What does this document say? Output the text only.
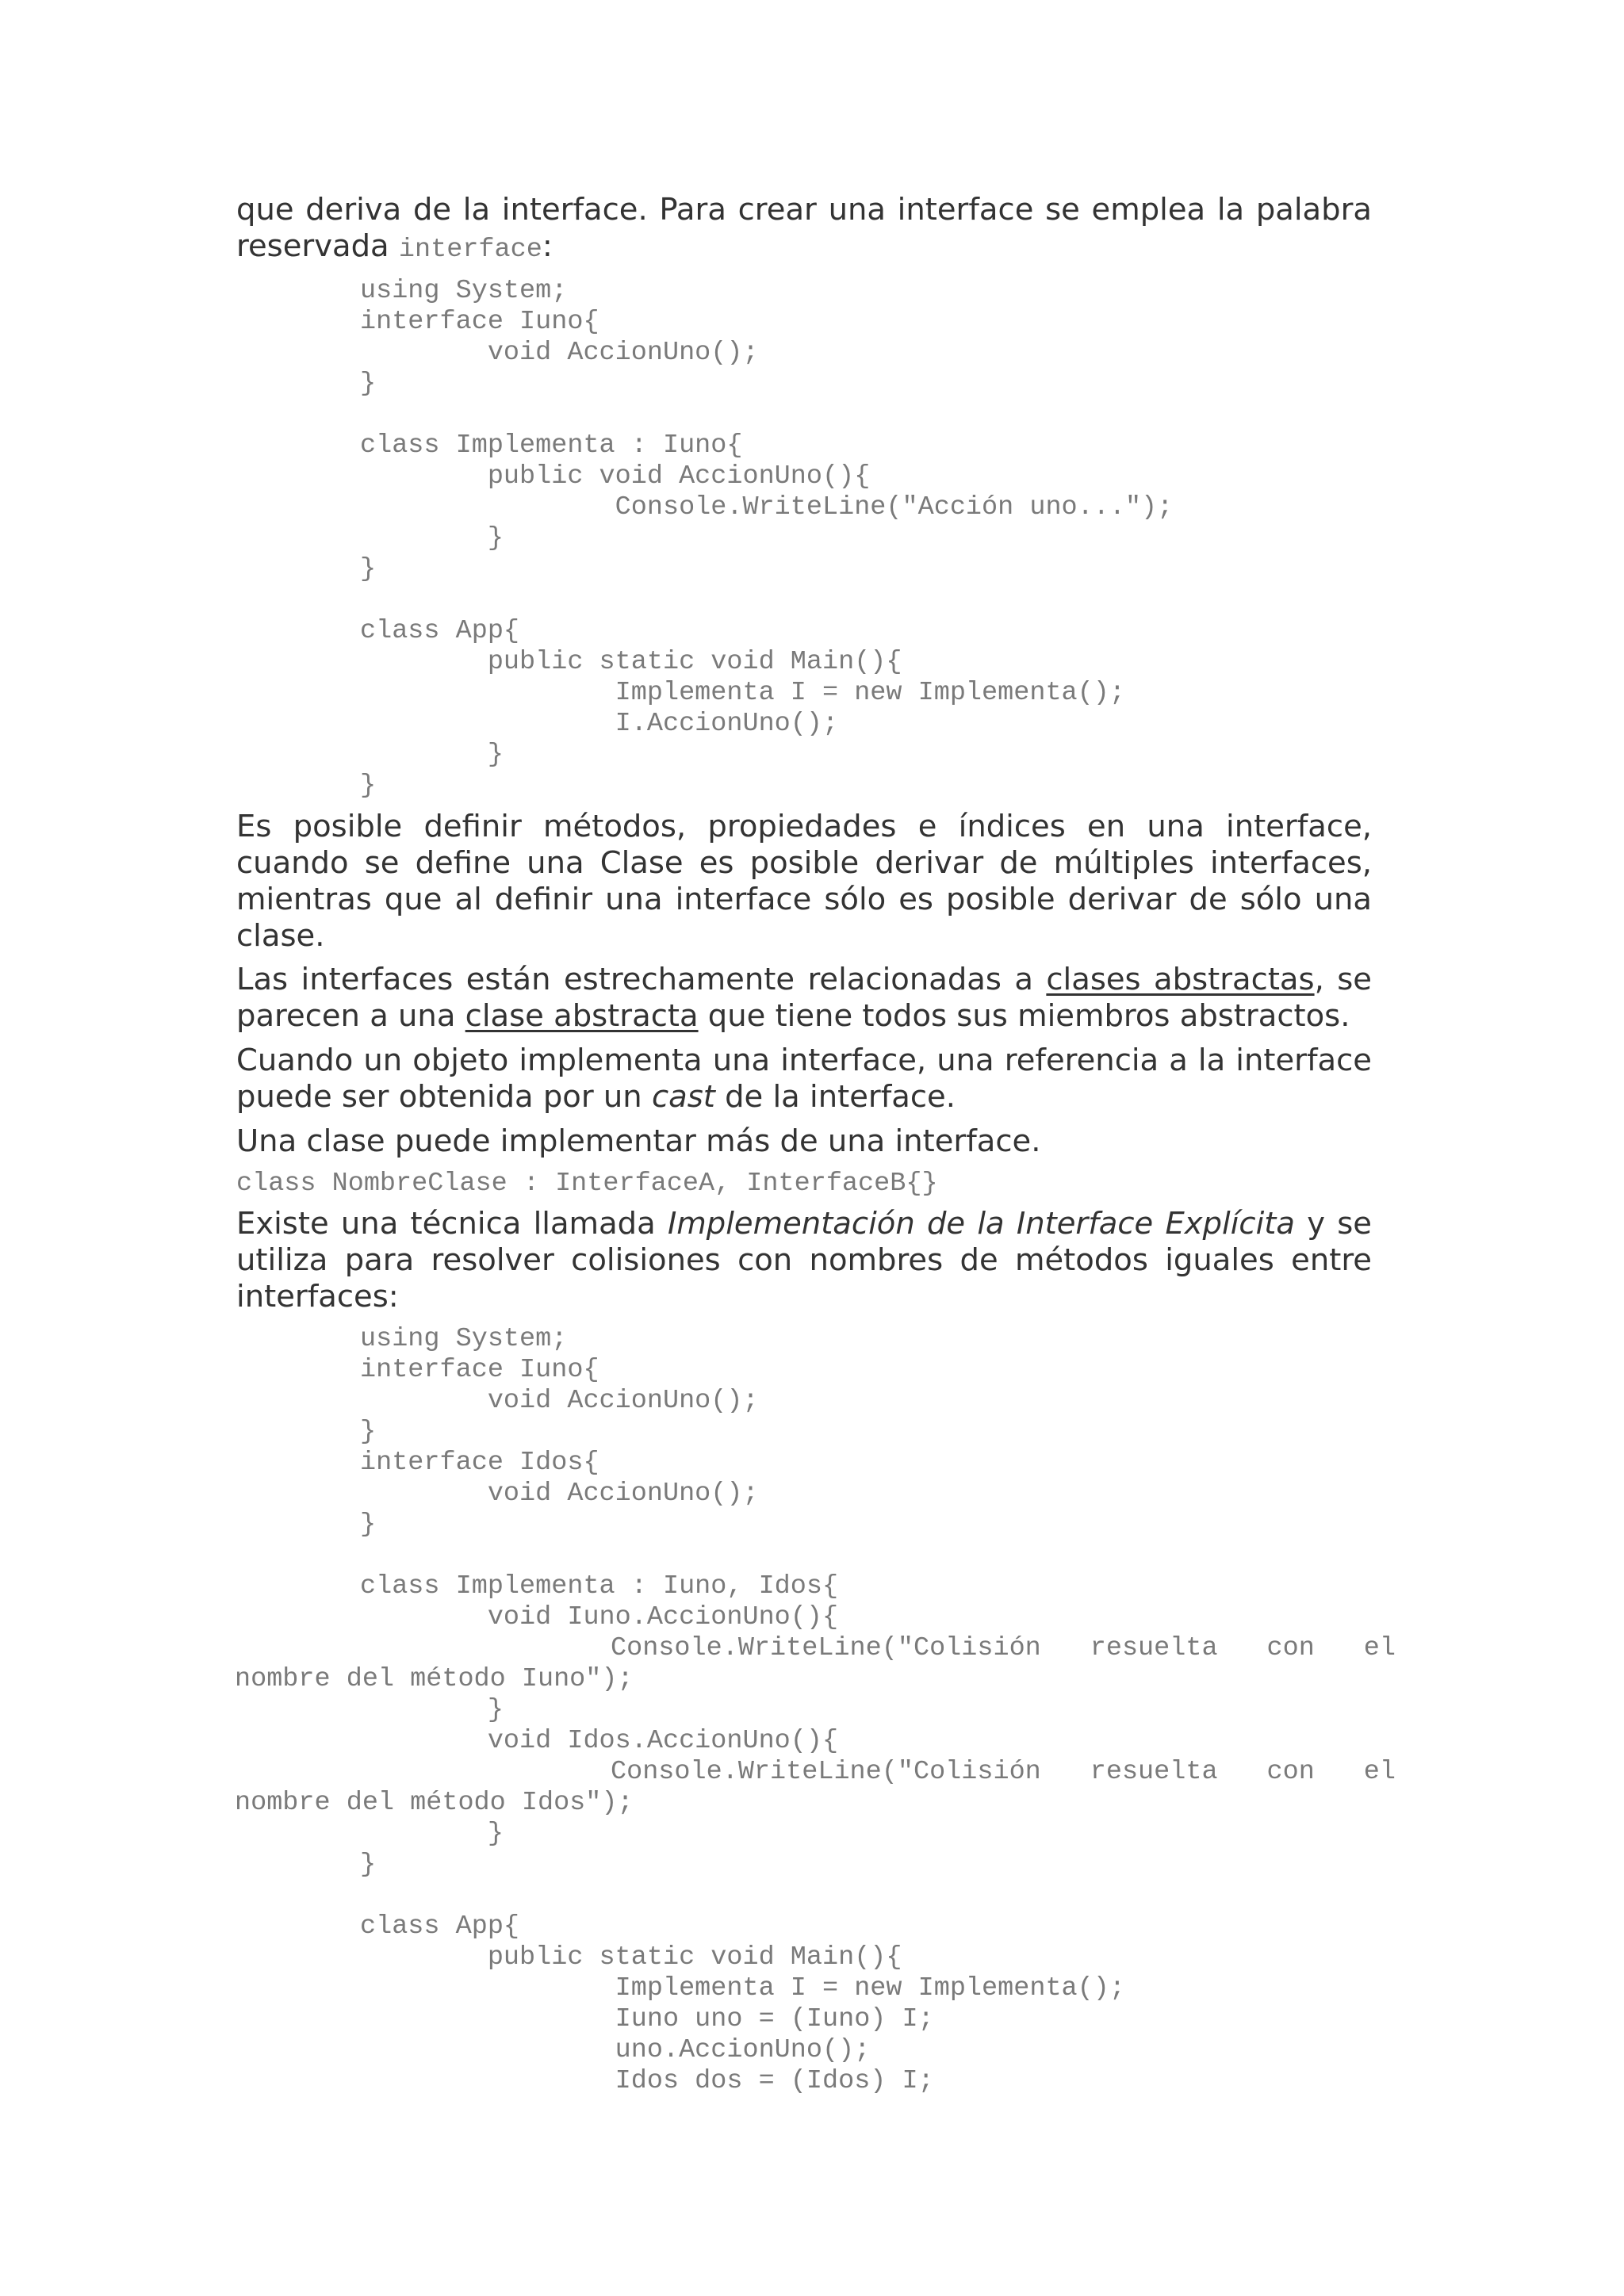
que deriva de la interface. Para crear una interface se emplea la palabra
reservada interface:
using System;
interface Iuno{
void AccionUno();
}
class Implementa : Iuno{
public void AccionUno(){
Console.WriteLine("Acción uno...");
}
}
class App{
public static void Main(){
Implementa I = new Implementa();
I.AccionUno();
}
}

Es posible definir métodos, propiedades e índices en una interface, cuando se define una Clase es posible derivar de múltiples interfaces, mientras que al definir una interface sólo es posible derivar de sólo una clase.

Las interfaces están estrechamente relacionadas a clases abstractas, se parecen a una clase abstracta que tiene todos sus miembros abstractos.

Cuando un objeto implementa una interface, una referencia a la interface puede ser obtenida por un cast de la interface.

Una clase puede implementar más de una interface.

class NombreClase : InterfaceA, InterfaceB{}

Existe una técnica llamada Implementación de la Interface Explícita y se utiliza para resolver colisiones con nombres de métodos iguales entre interfaces:

using System;
interface Iuno{
void AccionUno();
}
interface Idos{
void AccionUno();
}
class Implementa : Iuno, Idos{
void Iuno.AccionUno(){
Console.WriteLine("Colisión resuelta con el
nombre del método Iuno");
}
void Idos.AccionUno(){
Console.WriteLine("Colisión resuelta con el
nombre del método Idos");
}
}
class App{
public static void Main(){
Implementa I = new Implementa();
Iuno uno = (Iuno) I;
uno.AccionUno();
Idos dos = (Idos) I;
